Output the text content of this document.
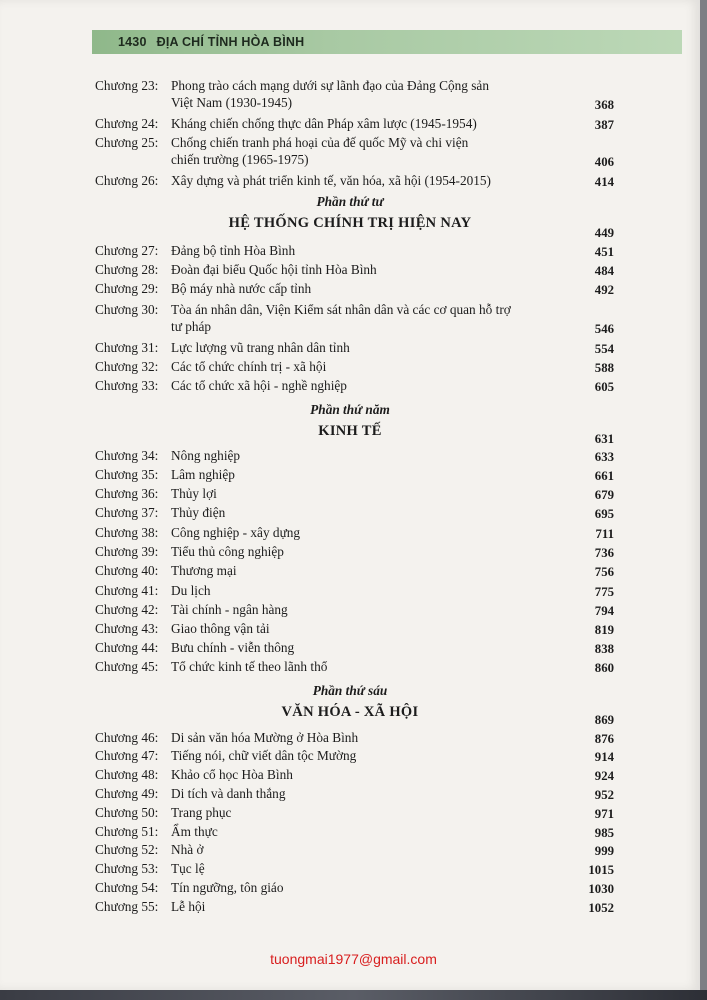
1430 ĐỊA CHÍ TỈNH HÒA BÌNH
Phần thứ tư
HỆ THỐNG CHÍNH TRỊ HIỆN NAY
449
Phần thứ năm
KINH TẾ	631
Phần thứ sáu
VĂN HÓA - XÃ HỘI	869
Chương 23: Phong trào cách mạng dưới sự lãnh đạo của Đảng Cộng sản
Việt Nam (1930-1945)	368
Chương 24: Kháng chiến chống thực dân Pháp xâm lược (1945-1954)	387
Chương 25: Chống chiến tranh phá hoại của đế quốc Mỹ và chi viện
chiến trường (1965-1975)	406
Chương 26: Xây dựng và phát triển kinh tế, văn hóa, xã hội (1954-2015)	414
Chương 27: Đảng bộ tỉnh Hòa Bình	451
Chương 28: Đoàn đại biểu Quốc hội tỉnh Hòa Bình	484
Chương 29: Bộ máy nhà nước cấp tỉnh	492
Chương 30: Tòa án nhân dân, Viện Kiểm sát nhân dân và các cơ quan hỗ trợ
tư pháp	546
Chương 31: Lực lượng vũ trang nhân dân tỉnh	554
Chương 32: Các tổ chức chính trị - xã hội	588
Chương 33: Các tổ chức xã hội - nghề nghiệp	605
Chương 34: Nông nghiệp	633
Chương 35: Lâm nghiệp	661
Chương 36: Thủy lợi	679
Chương 37: Thủy điện	695
Chương 38: Công nghiệp - xây dựng	711
Chương 39: Tiểu thủ công nghiệp	736
Chương 40: Thương mại	756
Chương 41: Du lịch	775
Chương 42: Tài chính - ngân hàng	794
Chương 43: Giao thông vận tải	819
Chương 44: Bưu chính - viễn thông	838
Chương 45: Tổ chức kinh tế theo lãnh thổ	860
Chương 46: Di sản văn hóa Mường ở Hòa Bình	876
Chương 47: Tiếng nói, chữ viết dân tộc Mường	914
Chương 48: Khảo cổ học Hòa Bình	924
Chương 49: Di tích và danh thắng	952
Chương 50: Trang phục	971
Chương 51: Ẩm thực	985
Chương 52: Nhà ở	999
Chương 53: Tục lệ	1015
Chương 54: Tín ngưỡng, tôn giáo	1030
Chương 55: Lễ hội	1052
tuongmai1977@gmail.com
